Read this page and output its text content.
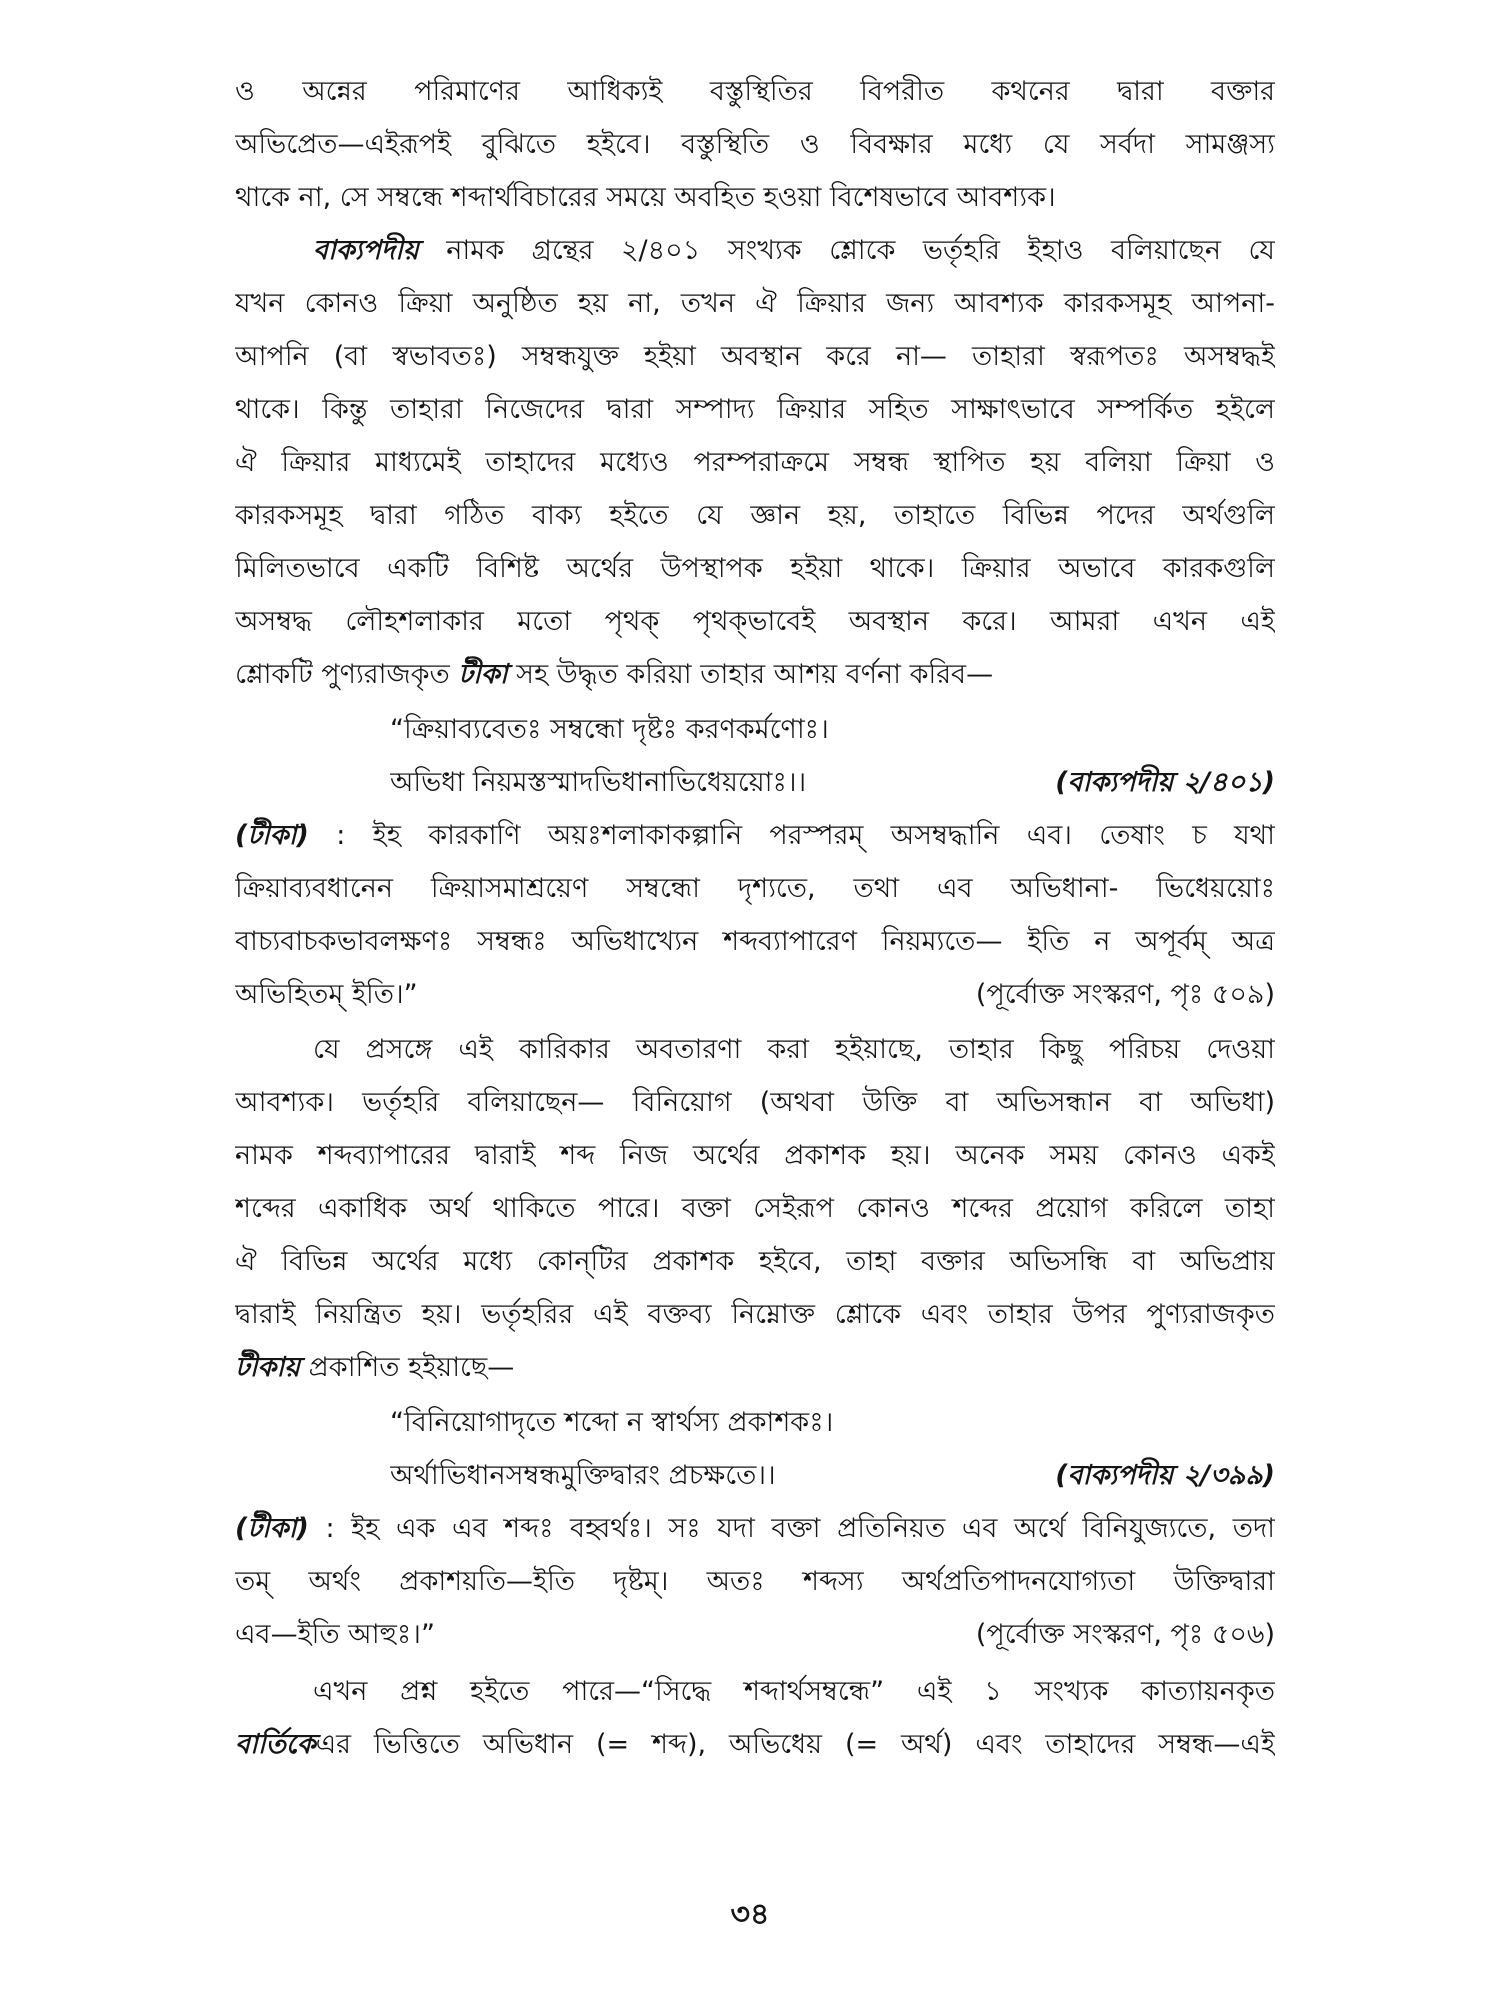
ও অন্নের পরিমাণের আধিক্যই বস্তুস্থিতির বিপরীত কথনের দ্বারা বক্তার
অভিপ্রেত—এইরূপই বুঝিতে হইবে। বস্তুস্থিতি ও বিবক্ষার মধ্যে যে সর্বদা সামঞ্জস্য
থাকে না, সে সম্বন্ধে শব্দার্থবিচারের সময়ে অবহিত হওয়া বিশেষভাবে আবশ্যক।
বাক্যপদীয় নামক গ্রন্থের ২/৪০১ সংখ্যক শ্লোকে ভর্তৃহরি ইহাও বলিয়াছেন যে
যখন কোনও ক্রিয়া অনুষ্ঠিত হয় না, তখন ঐ ক্রিয়ার জন্য আবশ্যক কারকসমূহ আপনা-
আপনি (বা স্বভাবতঃ) সম্বন্ধযুক্ত হইয়া অবস্থান করে না— তাহারা স্বরূপতঃ অসম্বদ্ধই
থাকে। কিন্তু তাহারা নিজেদের দ্বারা সম্পাদ্য ক্রিয়ার সহিত সাক্ষাৎভাবে সম্পর্কিত হইলে
ঐ ক্রিয়ার মাধ্যমেই তাহাদের মধ্যেও পরম্পরাক্রমে সম্বন্ধ স্থাপিত হয় বলিয়া ক্রিয়া ও
কারকসমূহ দ্বারা গঠিত বাক্য হইতে যে জ্ঞান হয়, তাহাতে বিভিন্ন পদের অর্থগুলি
মিলিতভাবে একটি বিশিষ্ট অর্থের উপস্থাপক হইয়া থাকে। ক্রিয়ার অভাবে কারকগুলি
অসম্বদ্ধ লৌহশলাকার মতো পৃথক্ পৃথক্‌ভাবেই অবস্থান করে। আমরা এখন এই
শ্লোকটি পুণ্যরাজকৃত টীকা সহ উদ্ধৃত করিয়া তাহার আশয় বর্ণনা করিব—
“ক্রিয়াব্যবেতঃ সম্বন্ধো দৃষ্টঃ করণকর্মণোঃ।
অভিধা নিয়মস্তস্মাদভিধানাভিধেয়য়োঃ।।	(বাক্যপদীয় ২/৪০১)
(টীকা) : ইহ কারকাণি অয়ঃশলাকাকল্পানি পরস্পরম্ অসম্বদ্ধানি এব। তেষাং চ যথা
ক্রিয়াব্যবধানেন ক্রিয়াসমাশ্রয়েণ সম্বন্ধো দৃশ্যতে, তথা এব অভিধানা- ভিধেয়য়োঃ
বাচ্যবাচকভাবলক্ষণঃ সম্বন্ধঃ অভিধাখ্যেন শব্দব্যাপারেণ নিয়ম্যতে— ইতি ন অপূর্বম্ অত্র
অভিহিতম্ ইতি।”	(পূর্বোক্ত সংস্করণ, পৃঃ ৫০৯)
যে প্রসঙ্গে এই কারিকার অবতারণা করা হইয়াছে, তাহার কিছু পরিচয় দেওয়া
আবশ্যক। ভর্তৃহরি বলিয়াছেন— বিনিয়োগ (অথবা উক্তি বা অভিসন্ধান বা অভিধা)
নামক শব্দব্যাপারের দ্বারাই শব্দ নিজ অর্থের প্রকাশক হয়। অনেক সময় কোনও একই
শব্দের একাধিক অর্থ থাকিতে পারে। বক্তা সেইরূপ কোনও শব্দের প্রয়োগ করিলে তাহা
ঐ বিভিন্ন অর্থের মধ্যে কোন্‌টির প্রকাশক হইবে, তাহা বক্তার অভিসন্ধি বা অভিপ্রায়
দ্বারাই নিয়ন্ত্রিত হয়। ভর্তৃহরির এই বক্তব্য নিম্নোক্ত শ্লোকে এবং তাহার উপর পুণ্যরাজকৃত
টীকায় প্রকাশিত হইয়াছে—
“বিনিয়োগাদৃতে শব্দো ন স্বার্থস্য প্রকাশকঃ।
অর্থাভিধানসম্বন্ধমুক্তিদ্বারং প্রচক্ষতে।।	(বাক্যপদীয় ২/৩৯৯)
(টীকা) : ইহ এক এব শব্দঃ বহ্বর্থঃ। সঃ যদা বক্তা প্রতিনিয়ত এব অর্থে বিনিযুজ্যতে, তদা
তম্ অর্থং প্রকাশয়তি—ইতি দৃষ্টম্। অতঃ শব্দস্য অর্থপ্রতিপাদনযোগ্যতা উক্তিদ্বারা
এব—ইতি আহুঃ।”	(পূর্বোক্ত সংস্করণ, পৃঃ ৫০৬)
এখন প্রশ্ন হইতে পারে—“সিদ্ধে শব্দার্থসম্বন্ধে” এই ১ সংখ্যক কাত্যায়নকৃত
বার্তিকেএর ভিত্তিতে অভিধান (= শব্দ), অভিধেয় (= অর্থ) এবং তাহাদের সম্বন্ধ—এই
৩৪
